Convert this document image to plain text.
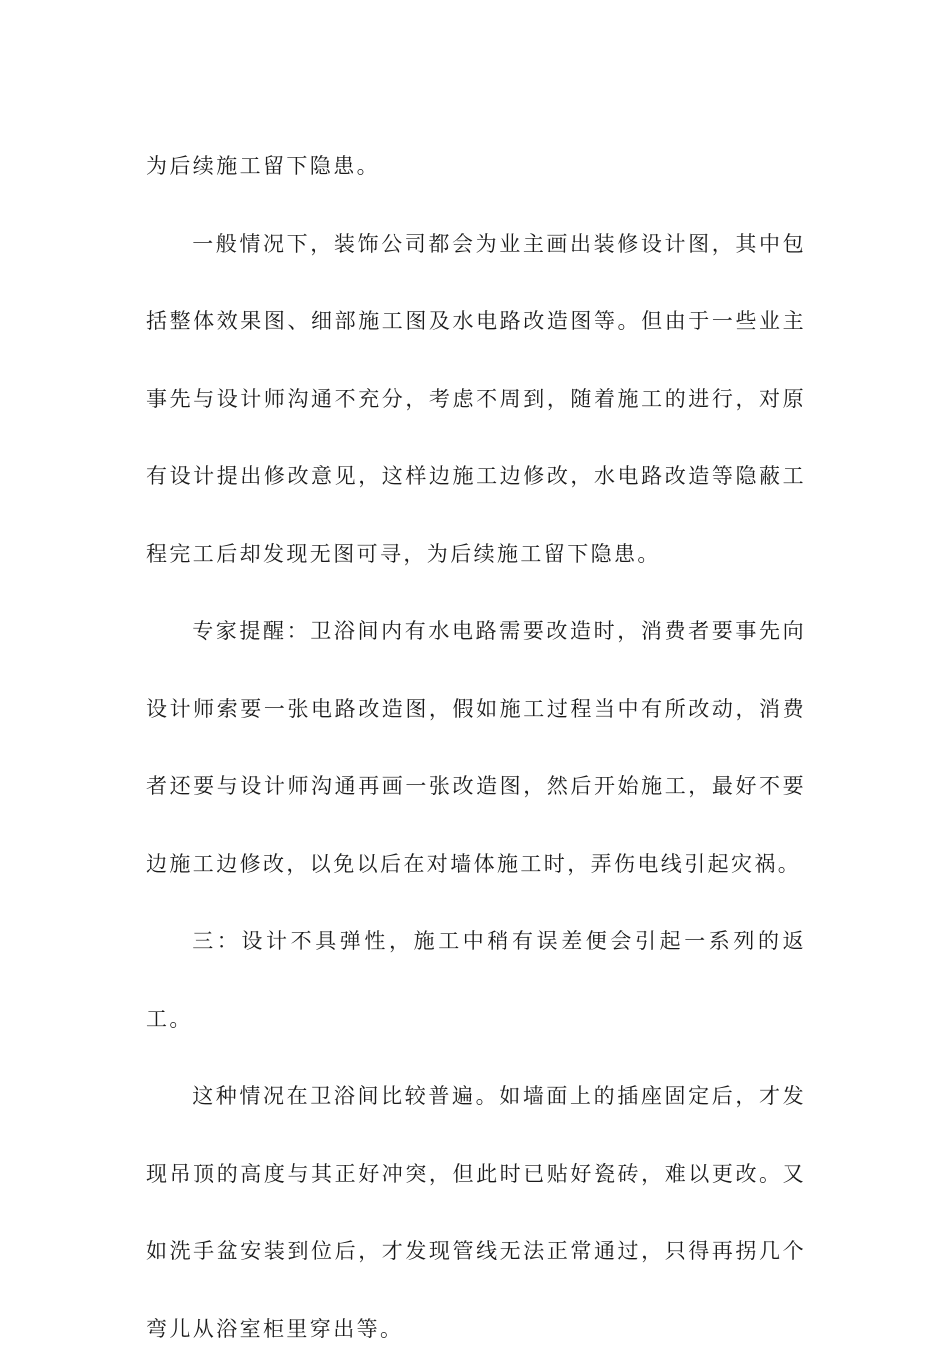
为后续施工留下隐患。

一般情况下，装饰公司都会为业主画出装修设计图，其中包括整体效果图、细部施工图及水电路改造图等。但由于一些业主事先与设计师沟通不充分，考虑不周到，随着施工的进行，对原有设计提出修改意见，这样边施工边修改，水电路改造等隐蔽工程完工后却发现无图可寻，为后续施工留下隐患。

专家提醒：卫浴间内有水电路需要改造时，消费者要事先向设计师索要一张电路改造图，假如施工过程当中有所改动，消费者还要与设计师沟通再画一张改造图，然后开始施工，最好不要边施工边修改，以免以后在对墙体施工时，弄伤电线引起灾祸。

三：设计不具弹性，施工中稍有误差便会引起一系列的返工。

这种情况在卫浴间比较普遍。如墙面上的插座固定后，才发现吊顶的高度与其正好冲突，但此时已贴好瓷砖，难以更改。又如洗手盆安装到位后，才发现管线无法正常通过，只得再拐几个弯儿从浴室柜里穿出等。
